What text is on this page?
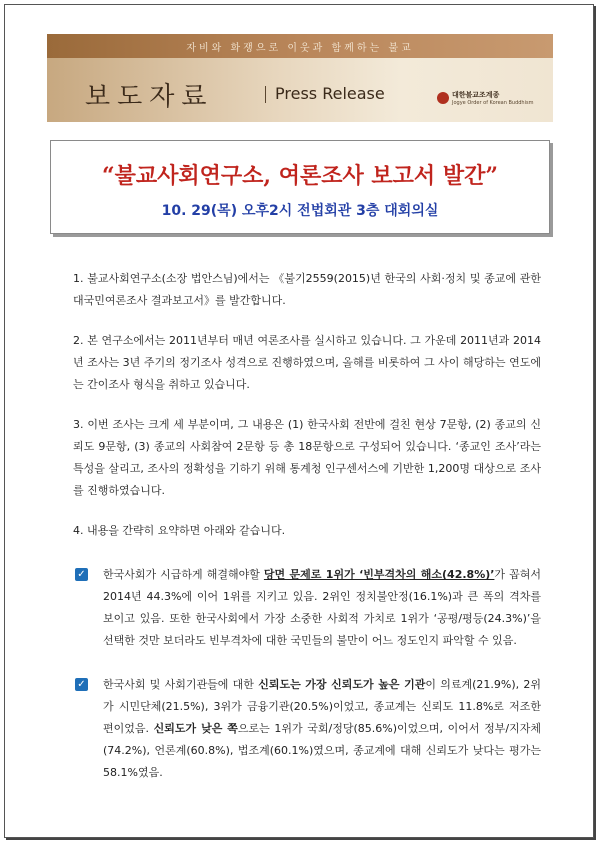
자비와 화쟁으로 이웃과 함께하는 불교
보도자료	Press Release	대한불교조계종
Jogye Order of Korean Buddhism
“불교사회연구소, 여론조사 보고서 발간”
10. 29(목) 오후2시 전법회관 3층 대회의실

1. 불교사회연구소(소장 법안스님)에서는 《불기2559(2015)년 한국의 사회·정치 및 종교에 관한 대국민여론조사 결과보고서》를 발간합니다.

2. 본 연구소에서는 2011년부터 매년 여론조사를 실시하고 있습니다. 그 가운데 2011년과 2014년 조사는 3년 주기의 정기조사 성격으로 진행하였으며, 올해를 비롯하여 그 사이 해당하는 연도에는 간이조사 형식을 취하고 있습니다.

3. 이번 조사는 크게 세 부분이며, 그 내용은 (1) 한국사회 전반에 걸친 현상 7문항, (2) 종교의 신뢰도 9문항, (3) 종교의 사회참여 2문항 등 총 18문항으로 구성되어 있습니다. ‘종교인 조사’라는 특성을 살리고, 조사의 정확성을 기하기 위해 통계청 인구센서스에 기반한 1,200명 대상으로 조사를 진행하였습니다.

4. 내용을 간략히 요약하면 아래와 같습니다.

✓ 한국사회가 시급하게 해결해야할 당면 문제로 1위가 ‘빈부격차의 해소(42.8%)’가 꼽혀서 2014년 44.3%에 이어 1위를 지키고 있음. 2위인 정치불안정(16.1%)과 큰 폭의 격차를 보이고 있음. 또한 한국사회에서 가장 소중한 사회적 가치로 1위가 ‘공평/평등(24.3%)’을 선택한 것만 보더라도 빈부격차에 대한 국민들의 불만이 어느 정도인지 파악할 수 있음.
✓ 한국사회 및 사회기관들에 대한 신뢰도는 가장 신뢰도가 높은 기관이 의료계(21.9%), 2위가 시민단체(21.5%), 3위가 금융기관(20.5%)이었고, 종교계는 신뢰도 11.8%로 저조한 편이었음. 신뢰도가 낮은 쪽으로는 1위가 국회/정당(85.6%)이었으며, 이어서 정부/지자체(74.2%), 언론계(60.8%), 법조계(60.1%)였으며, 종교계에 대해 신뢰도가 낮다는 평가는 58.1%였음.
